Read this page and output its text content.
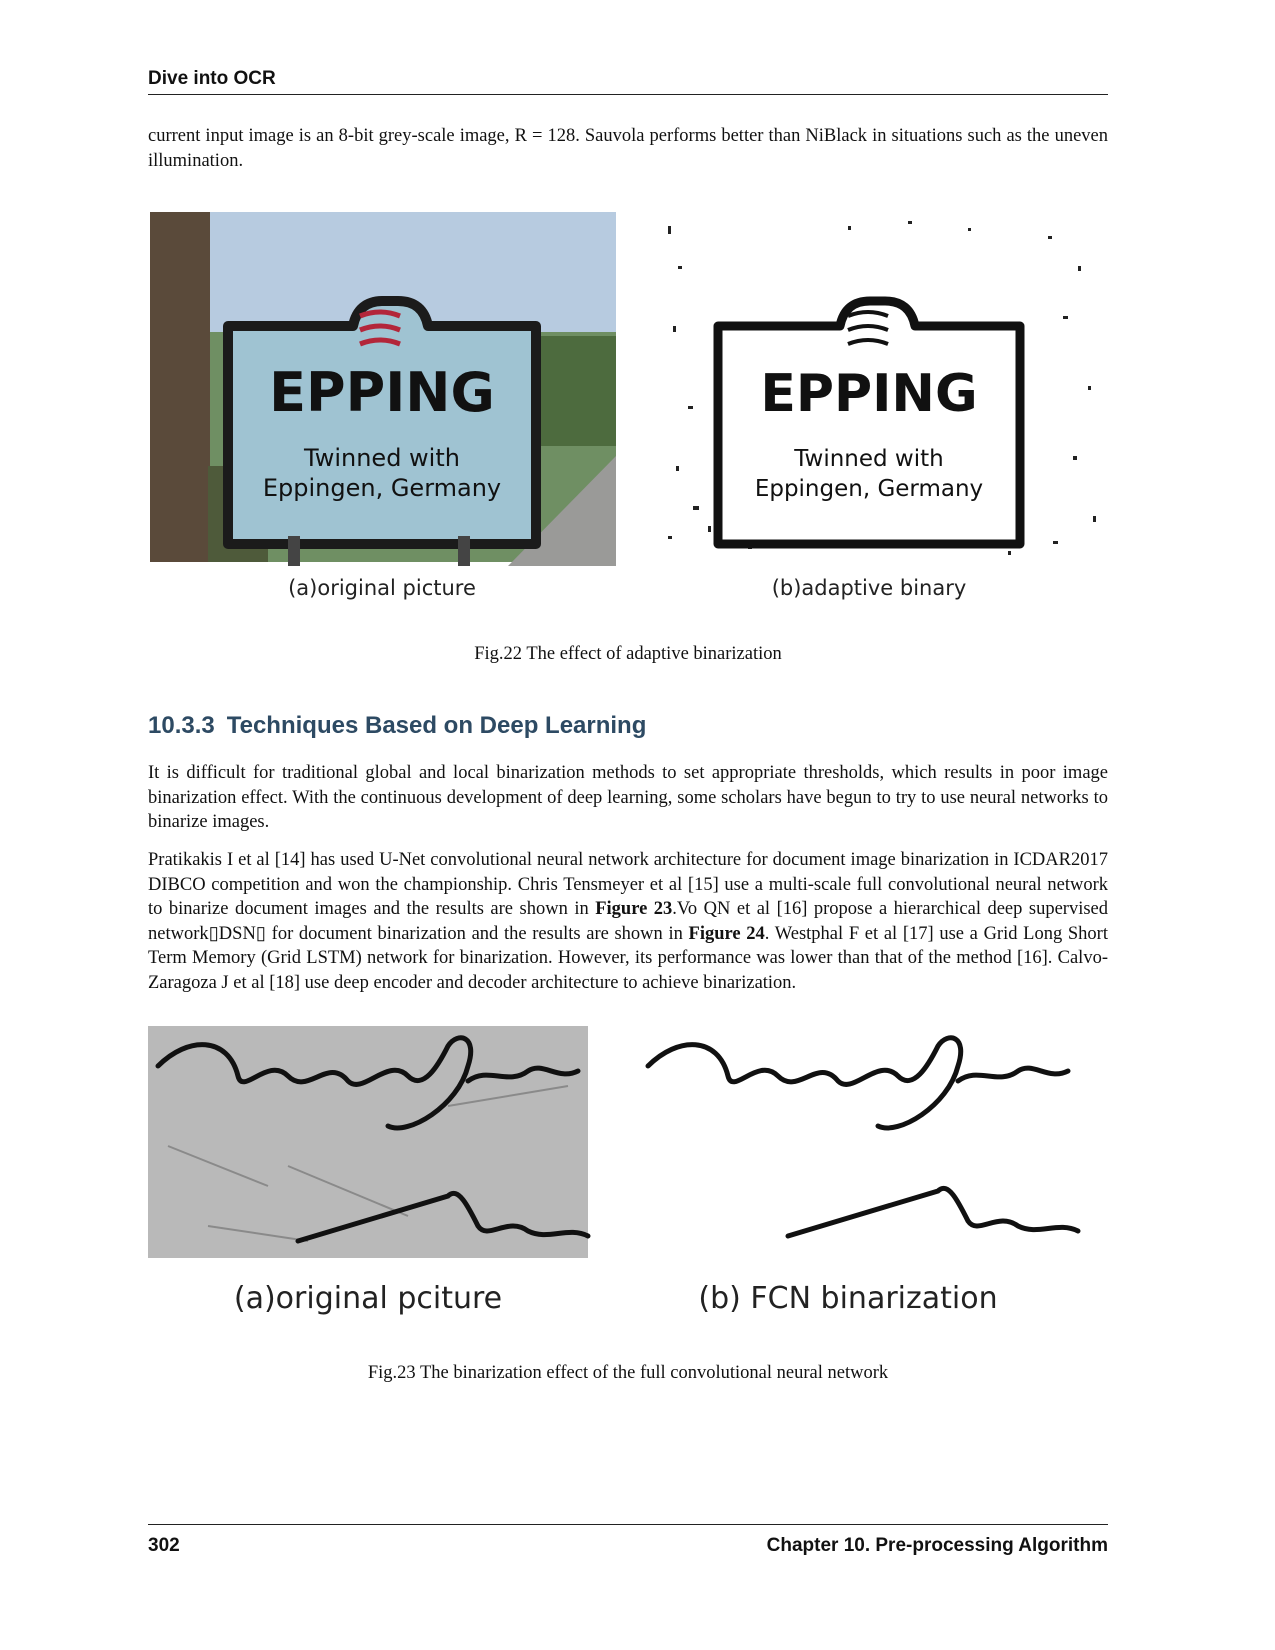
Dive into OCR

current input image is an 8-bit grey-scale image, R = 128. Sauvola performs better than NiBlack in situations such as the uneven illumination.

EPPING
Twinned with
Eppingen, Germany
EPPING
Twinned with
Eppingen, Germany
(a)original picture	(b)adaptive binary
Fig.22 The effect of adaptive binarization
10.3.3 Techniques Based on Deep Learning

It is difficult for traditional global and local binarization methods to set appropriate thresholds, which results in poor image binarization effect. With the continuous development of deep learning, some scholars have begun to try to use neural networks to binarize images.

Pratikakis I et al [14] has used U-Net convolutional neural network architecture for document image binarization in ICDAR2017 DIBCO competition and won the championship. Chris Tensmeyer et al [15] use a multi-scale full convolutional neural network to binarize document images and the results are shown in Figure 23.Vo QN et al [16] propose a hierarchical deep supervised network▯DSN▯ for document binarization and the results are shown in Figure 24. Westphal F et al [17] use a Grid Long Short Term Memory (Grid LSTM) network for binarization. However, its performance was lower than that of the method [16]. Calvo-Zaragoza J et al [18] use deep encoder and decoder architecture to achieve binarization.

(a)original pciture	(b) FCN binarization
Fig.23 The binarization effect of the full convolutional neural network
302	Chapter 10. Pre-processing Algorithm
